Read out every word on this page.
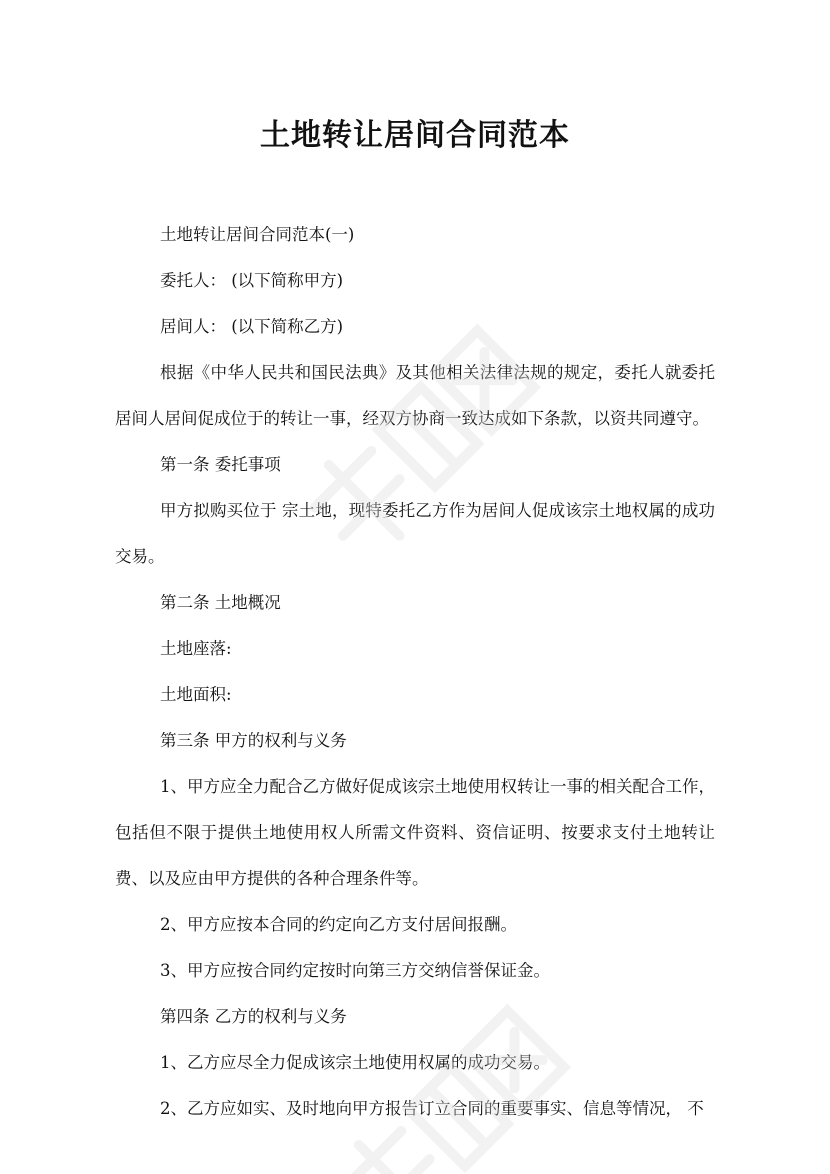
土地转让居间合同范本

土地转让居间合同范本(一)

委托人： (以下简称甲方)

居间人： (以下简称乙方)

根据《中华人民共和国民法典》及其他相关法律法规的规定，委托人就委托居间人居间促成位于的转让一事，经双方协商一致达成如下条款，以资共同遵守。

第一条 委托事项

甲方拟购买位于 宗土地，现特委托乙方作为居间人促成该宗土地权属的成功交易。

第二条 土地概况

土地座落:

土地面积:

第三条 甲方的权利与义务

1、甲方应全力配合乙方做好促成该宗土地使用权转让一事的相关配合工作，包括但不限于提供土地使用权人所需文件资料、资信证明、按要求支付土地转让费、以及应由甲方提供的各种合理条件等。

2、甲方应按本合同的约定向乙方支付居间报酬。

3、甲方应按合同约定按时向第三方交纳信誉保证金。

第四条 乙方的权利与义务

1、乙方应尽全力促成该宗土地使用权属的成功交易。

2、乙方应如实、及时地向甲方报告订立合同的重要事实、信息等情况， 不
